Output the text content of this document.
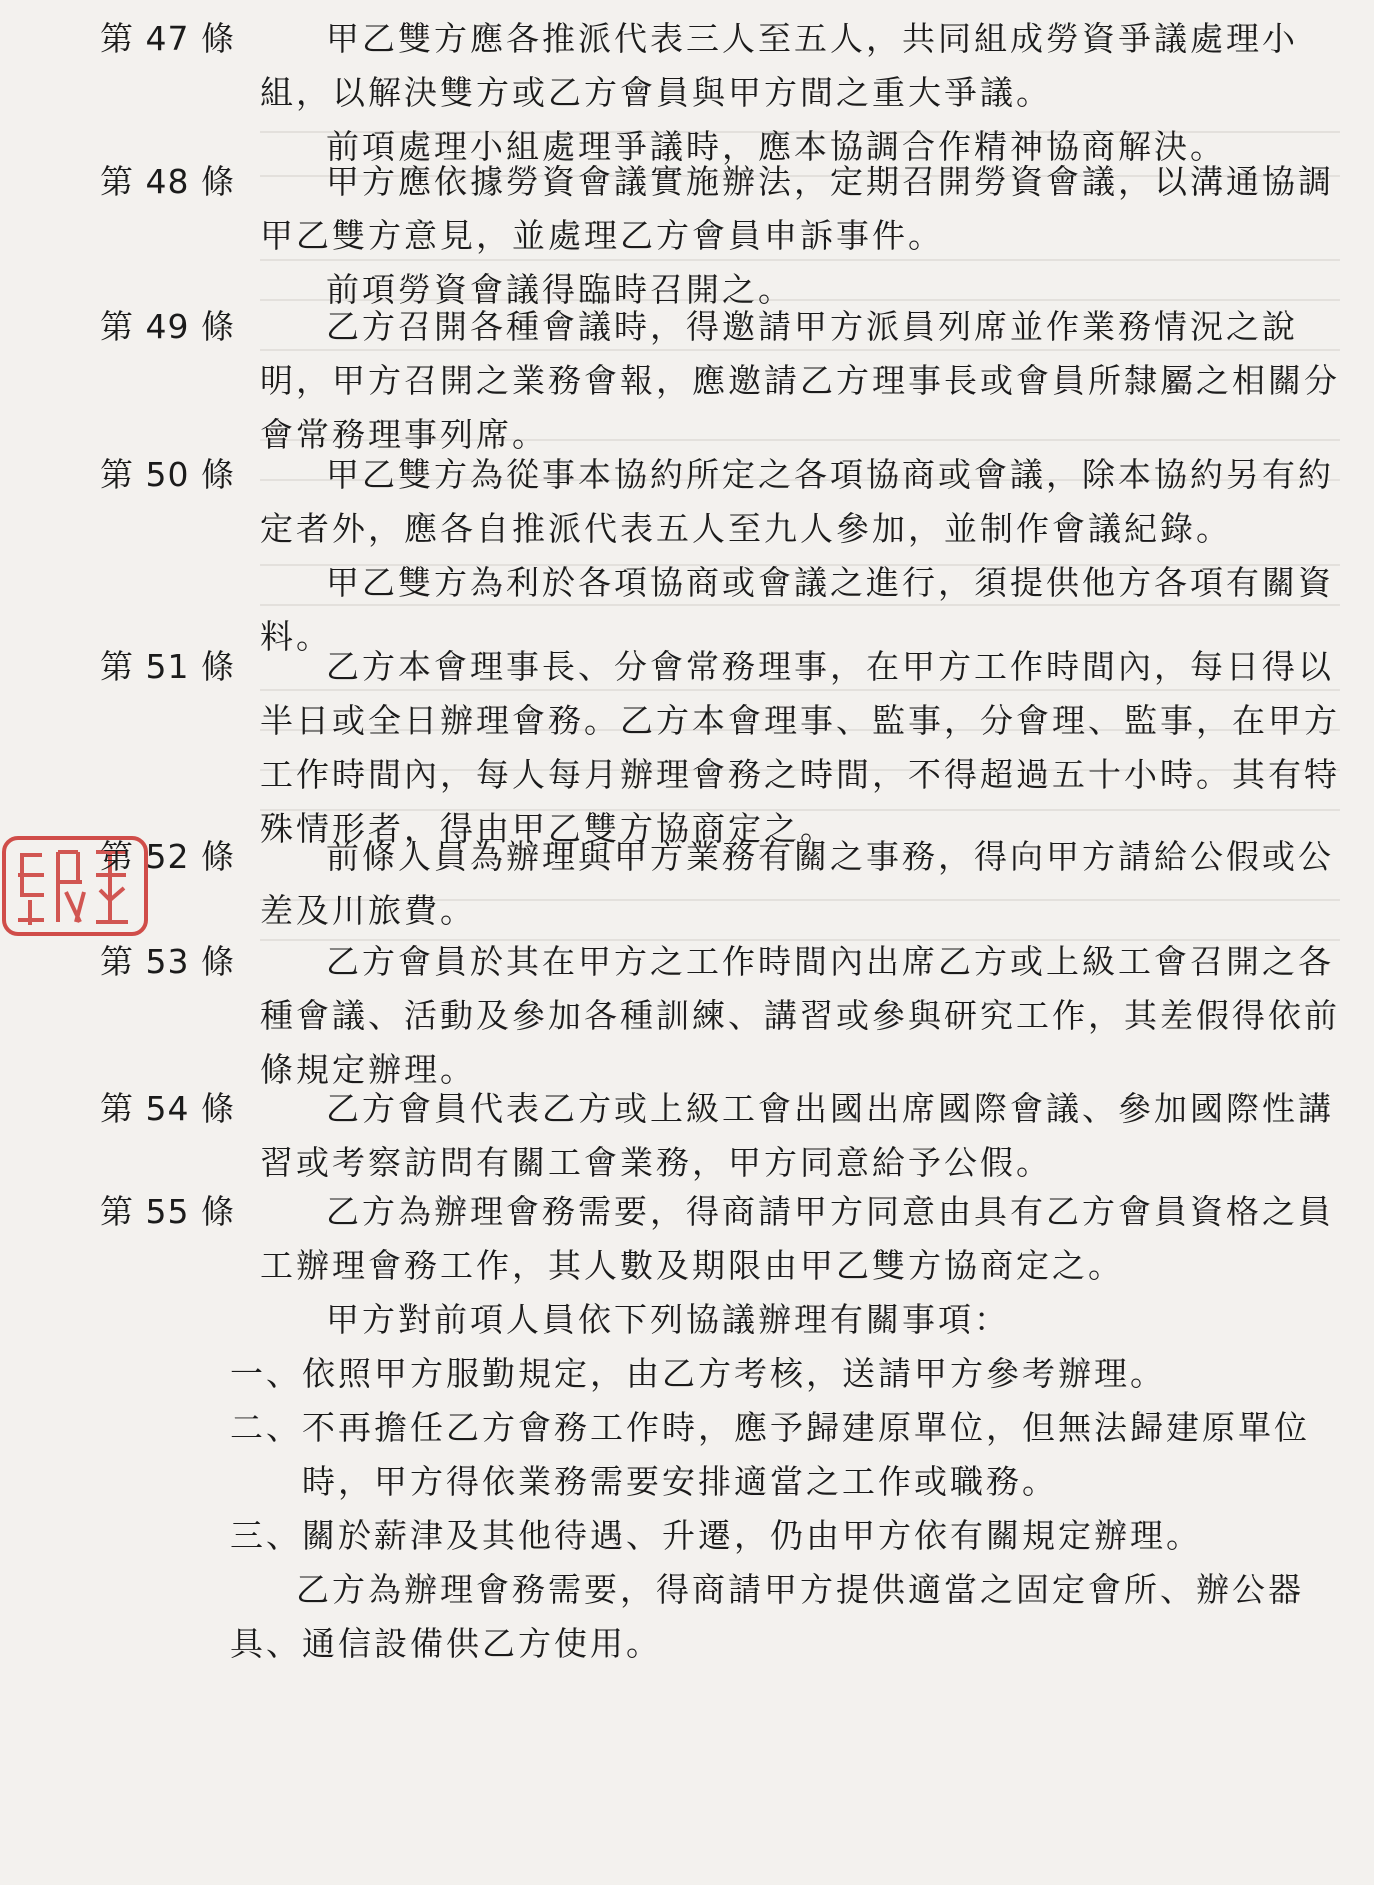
第 47 條	甲乙雙方應各推派代表三人至五人，共同組成勞資爭議處理小組，以解決雙方或乙方會員與甲方間之重大爭議。

前項處理小組處理爭議時，應本協調合作精神協商解決。

第 48 條	甲方應依據勞資會議實施辦法，定期召開勞資會議，以溝通協調甲乙雙方意見，並處理乙方會員申訴事件。

前項勞資會議得臨時召開之。

第 49 條	乙方召開各種會議時，得邀請甲方派員列席並作業務情況之說明，甲方召開之業務會報，應邀請乙方理事長或會員所隸屬之相關分會常務理事列席。

第 50 條	甲乙雙方為從事本協約所定之各項協商或會議，除本協約另有約定者外，應各自推派代表五人至九人參加，並制作會議紀錄。

甲乙雙方為利於各項協商或會議之進行，須提供他方各項有關資料。

第 51 條	乙方本會理事長、分會常務理事，在甲方工作時間內，每日得以半日或全日辦理會務。乙方本會理事、監事，分會理、監事，在甲方工作時間內，每人每月辦理會務之時間，不得超過五十小時。其有特殊情形者，得由甲乙雙方協商定之。

第 52 條	前條人員為辦理與甲方業務有關之事務，得向甲方請給公假或公差及川旅費。

第 53 條	乙方會員於其在甲方之工作時間內出席乙方或上級工會召開之各種會議、活動及參加各種訓練、講習或參與研究工作，其差假得依前條規定辦理。

第 54 條	乙方會員代表乙方或上級工會出國出席國際會議、參加國際性講習或考察訪問有關工會業務，甲方同意給予公假。

第 55 條	乙方為辦理會務需要，得商請甲方同意由具有乙方會員資格之員工辦理會務工作，其人數及期限由甲乙雙方協商定之。

甲方對前項人員依下列協議辦理有關事項：

一、 依照甲方服勤規定，由乙方考核，送請甲方參考辦理。
二、 不再擔任乙方會務工作時，應予歸建原單位，但無法歸建原單位時，甲方得依業務需要安排適當之工作或職務。
三、 關於薪津及其他待遇、升遷，仍由甲方依有關規定辦理。

乙方為辦理會務需要，得商請甲方提供適當之固定會所、辦公器具、通信設備供乙方使用。
